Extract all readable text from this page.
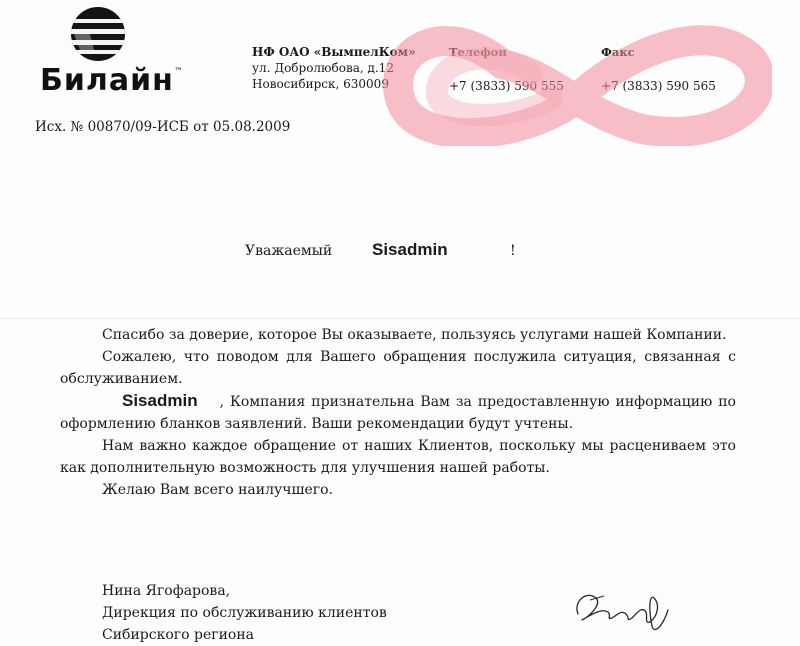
Билайн™
НФ ОАО «ВымпелКом»
ул. Добролюбова, д.12
Новосибирск, 630009
Телефон
+7 (3833) 590 555
Факс
+7 (3833) 590 565
Исх. № 00870/09-ИСБ от 05.08.2009
Уважаемый Sisadmin	!

Спасибо за доверие, которое Вы оказываете, пользуясь услугами нашей Компании.

Сожалею, что поводом для Вашего обращения послужила ситуация, связанная с обслуживанием.

Sisadmin , Компания признательна Вам за предоставленную информацию по оформлению бланков заявлений. Ваши рекомендации будут учтены.

Нам важно каждое обращение от наших Клиентов, поскольку мы расцениваем это как дополнительную возможность для улучшения нашей работы.

Желаю Вам всего наилучшего.

Нина Ягофарова,
Дирекция по обслуживанию клиентов
Сибирского региона
